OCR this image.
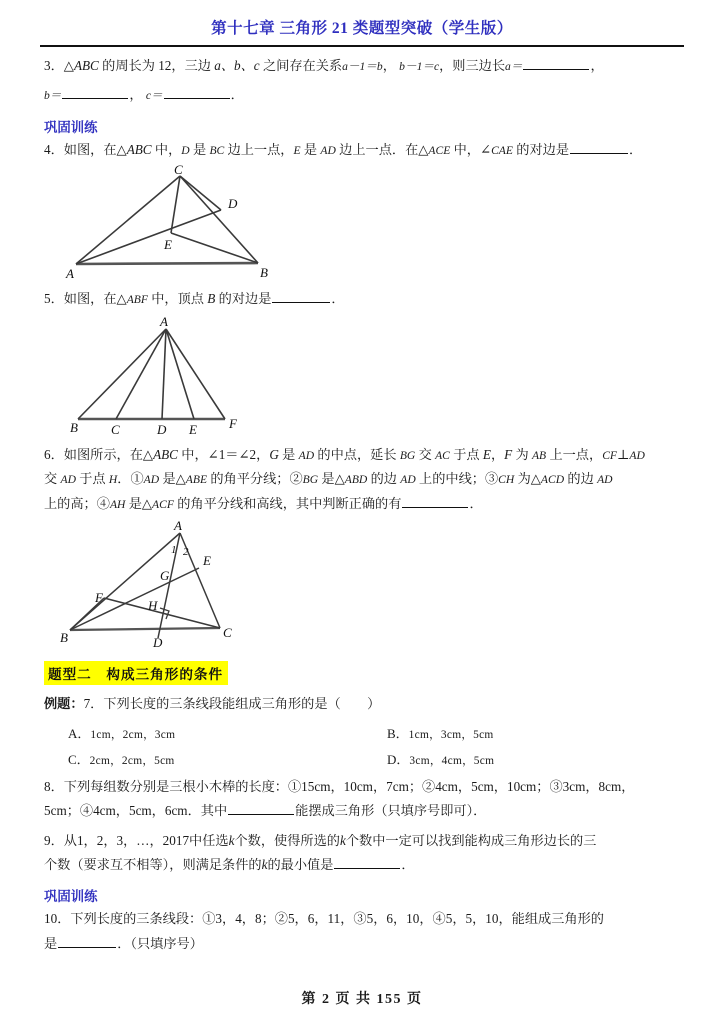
第十七章 三角形 21 类题型突破（学生版）
3．△ABC 的周长为 12，三边 a、b、c 之间存在关系a－1＝b， b－1＝c，则三边长a＝	，
b＝	， c＝	．
巩固训练
4．如图，在△ABC 中，D 是 BC 边上一点，E 是 AD 边上一点．在△ACE 中，∠CAE 的对边是	．
A	B
C
D
E
5．如图，在△ABF 中，顶点 B 的对边是	．
A
B	C	D E F
6．如图所示，在△ABC 中，∠1＝∠2，G 是 AD 的中点，延长 BG 交 AC 于点 E，F 为 AB 上一点，CF⊥AD
交 AD 于点 H．①AD 是△ABE 的角平分线；②BG 是△ABD 的边 AD 上的中线；③CH 为△ACD 的边 AD
上的高；④AH 是△ACF 的角平分线和高线，其中判断正确的有	．
A
B	C
D
E
F
G
H
1 2
题型二　构成三角形的条件
例题：7．下列长度的三条线段能组成三角形的是（　　）
A．1cm，2cm，3cm	B．1cm，3cm，5cm
C．2cm，2cm，5cm	D．3cm，4cm，5cm
8．下列每组数分别是三根小木棒的长度：①15cm，10cm，7cm；②4cm，5cm，10cm；③3cm，8cm，
5cm；④4cm，5cm，6cm．其中	能摆成三角形（只填序号即可）．
9．从1，2，3，…，2017中任选k个数，使得所选的k个数中一定可以找到能构成三角形边长的三
个数（要求互不相等），则满足条件的k的最小值是	．
巩固训练
10．下列长度的三条线段：①3，4，8；②5，6，11，③5，6，10，④5，5，10，能组成三角形的
是	．（只填序号）
第 2 页 共 155 页
